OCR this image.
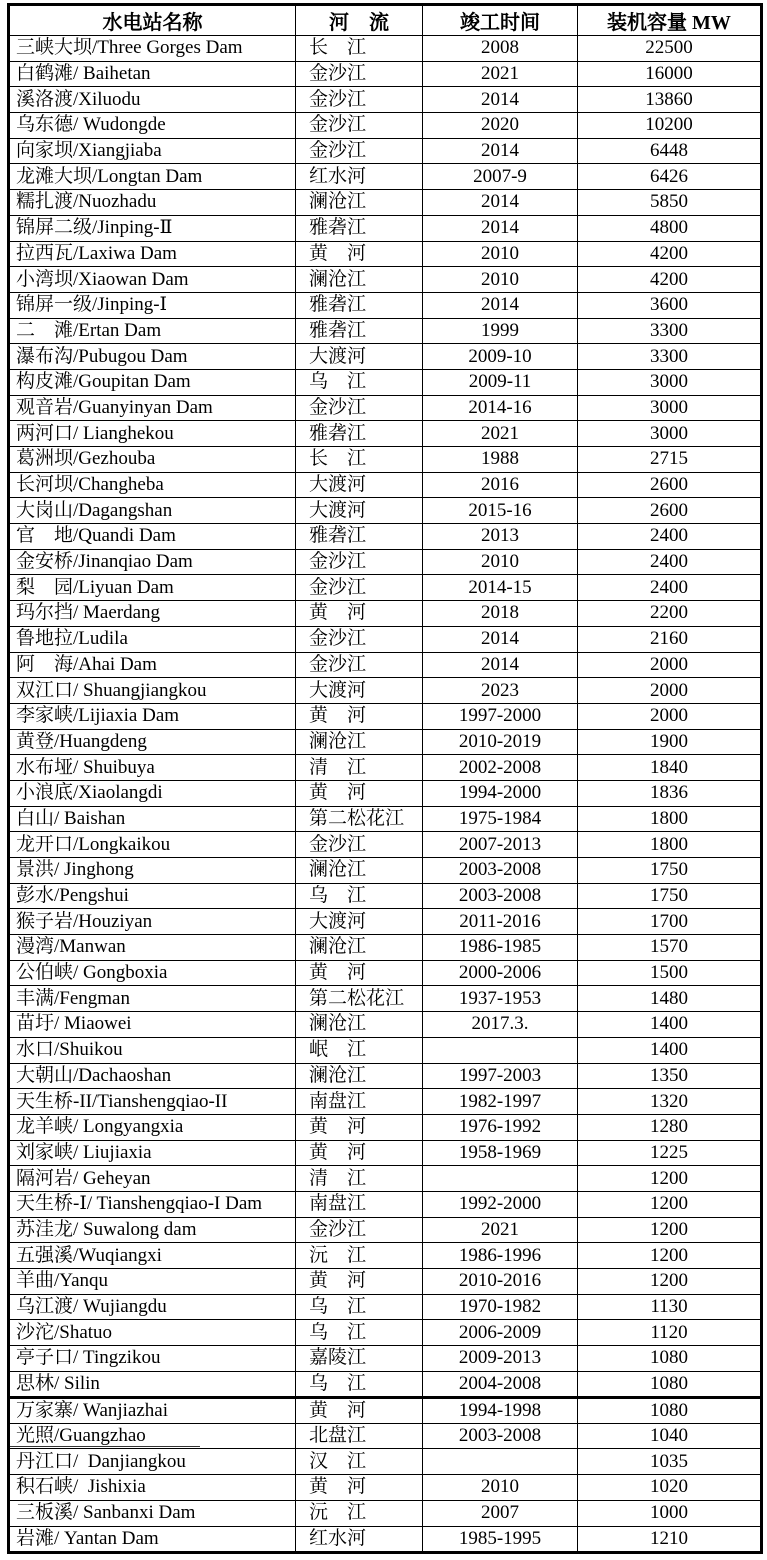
水电站名称	河　流	竣工时间	装机容量 MW
三峡大坝/Three Gorges Dam	长　江	2008	22500
白鹤滩/ Baihetan	金沙江	2021	16000
溪洛渡/Xiluodu	金沙江	2014	13860
乌东德/ Wudongde	金沙江	2020	10200
向家坝/Xiangjiaba	金沙江	2014	6448
龙滩大坝/Longtan Dam	红水河	2007-9	6426
糯扎渡/Nuozhadu	澜沧江	2014	5850
锦屏二级/Jinping-Ⅱ	雅砻江	2014	4800
拉西瓦/Laxiwa Dam	黄　河	2010	4200
小湾坝/Xiaowan Dam	澜沧江	2010	4200
锦屏一级/Jinping-Ⅰ	雅砻江	2014	3600
二　滩/Ertan Dam	雅砻江	1999	3300
瀑布沟/Pubugou Dam	大渡河	2009-10	3300
构皮滩/Goupitan Dam	乌　江	2009-11	3000
观音岩/Guanyinyan Dam	金沙江	2014-16	3000
两河口/ Lianghekou	雅砻江	2021	3000
葛洲坝/Gezhouba	长　江	1988	2715
长河坝/Changheba	大渡河	2016	2600
大岗山/Dagangshan	大渡河	2015-16	2600
官　地/Quandi Dam	雅砻江	2013	2400
金安桥/Jinanqiao Dam	金沙江	2010	2400
梨　园/Liyuan Dam	金沙江	2014-15	2400
玛尔挡/ Maerdang	黄　河	2018	2200
鲁地拉/Ludila	金沙江	2014	2160
阿　海/Ahai Dam	金沙江	2014	2000
双江口/ Shuangjiangkou	大渡河	2023	2000
李家峡/Lijiaxia Dam	黄　河	1997-2000	2000
黄登/Huangdeng	澜沧江	2010-2019	1900
水布垭/ Shuibuya	清　江	2002-2008	1840
小浪底/Xiaolangdi	黄　河	1994-2000	1836
白山/ Baishan	第二松花江	1975-1984	1800
龙开口/Longkaikou	金沙江	2007-2013	1800
景洪/ Jinghong	澜沧江	2003-2008	1750
彭水/Pengshui	乌　江	2003-2008	1750
猴子岩/Houziyan	大渡河	2011-2016	1700
漫湾/Manwan	澜沧江	1986-1985	1570
公伯峡/ Gongboxia	黄　河	2000-2006	1500
丰满/Fengman	第二松花江	1937-1953	1480
苗圩/ Miaowei	澜沧江	2017.3.	1400
水口/Shuikou	岷　江		1400
大朝山/Dachaoshan	澜沧江	1997-2003	1350
天生桥-II/Tianshengqiao-II	南盘江	1982-1997	1320
龙羊峡/ Longyangxia	黄　河	1976-1992	1280
刘家峡/ Liujiaxia	黄　河	1958-1969	1225
隔河岩/ Geheyan	清　江		1200
天生桥-Ⅰ/ Tianshengqiao-I Dam	南盘江	1992-2000	1200
苏洼龙/ Suwalong dam	金沙江	2021	1200
五强溪/Wuqiangxi	沅　江	1986-1996	1200
羊曲/Yanqu	黄　河	2010-2016	1200
乌江渡/ Wujiangdu	乌　江	1970-1982	1130
沙沱/Shatuo	乌　江	2006-2009	1120
亭子口/ Tingzikou	嘉陵江	2009-2013	1080
思林/ Silin	乌　江	2004-2008	1080
万家寨/ Wanjiazhai	黄　河	1994-1998	1080
光照/Guangzhao	北盘江	2003-2008	1040
丹江口/  Danjiangkou	汉　江		1035
积石峡/  Jishixia	黄　河	2010	1020
三板溪/ Sanbanxi Dam	沅　江	2007	1000
岩滩/ Yantan Dam	红水河	1985-1995	1210
